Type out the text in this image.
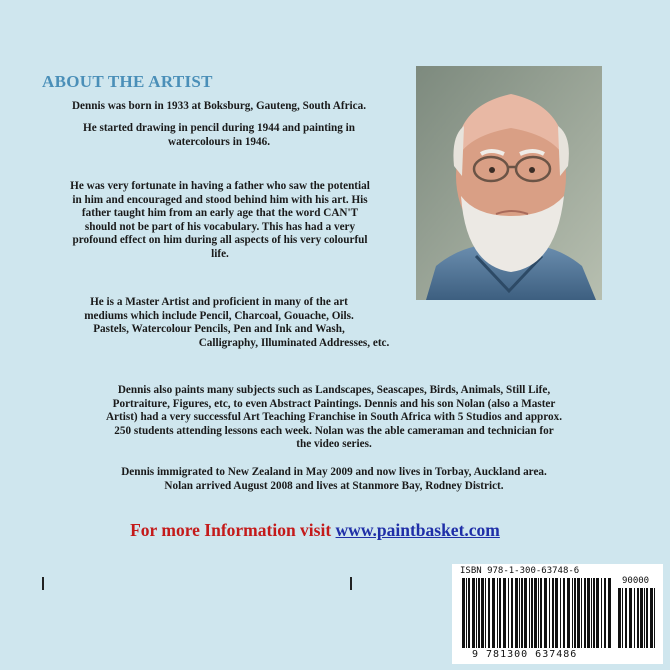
ABOUT THE ARTIST

Dennis was born in 1933 at Boksburg, Gauteng, South Africa.

He started drawing in pencil during 1944 and painting in

watercolours in 1946.

He was very fortunate in having a father who saw the potential

in him and encouraged and stood behind him with his art. His

father taught him from an early age that the word CAN'T

should not be part of his vocabulary. This has had a very

profound effect on him during all aspects of his very colourful

life.

He is a Master Artist and proficient in many of the art

mediums which include Pencil, Charcoal, Gouache, Oils.

Pastels, Watercolour Pencils, Pen and Ink and Wash,

Calligraphy, Illuminated Addresses, etc.

Dennis also paints many subjects such as Landscapes, Seascapes, Birds, Animals, Still Life,

Portraiture, Figures, etc, to even Abstract Paintings. Dennis and his son Nolan (also a Master

Artist) had a very successful Art Teaching Franchise in South Africa with 5 Studios and approx.

250 students attending lessons each week. Nolan was the able cameraman and technician for

the video series.

Dennis immigrated to New Zealand in May 2009 and now lives in Torbay, Auckland area.

Nolan arrived August 2008 and lives at Stanmore Bay, Rodney District.

For more Information visit www.paintbasket.com
ISBN 978-1-300-63748-6
90000
9 781300 637486
